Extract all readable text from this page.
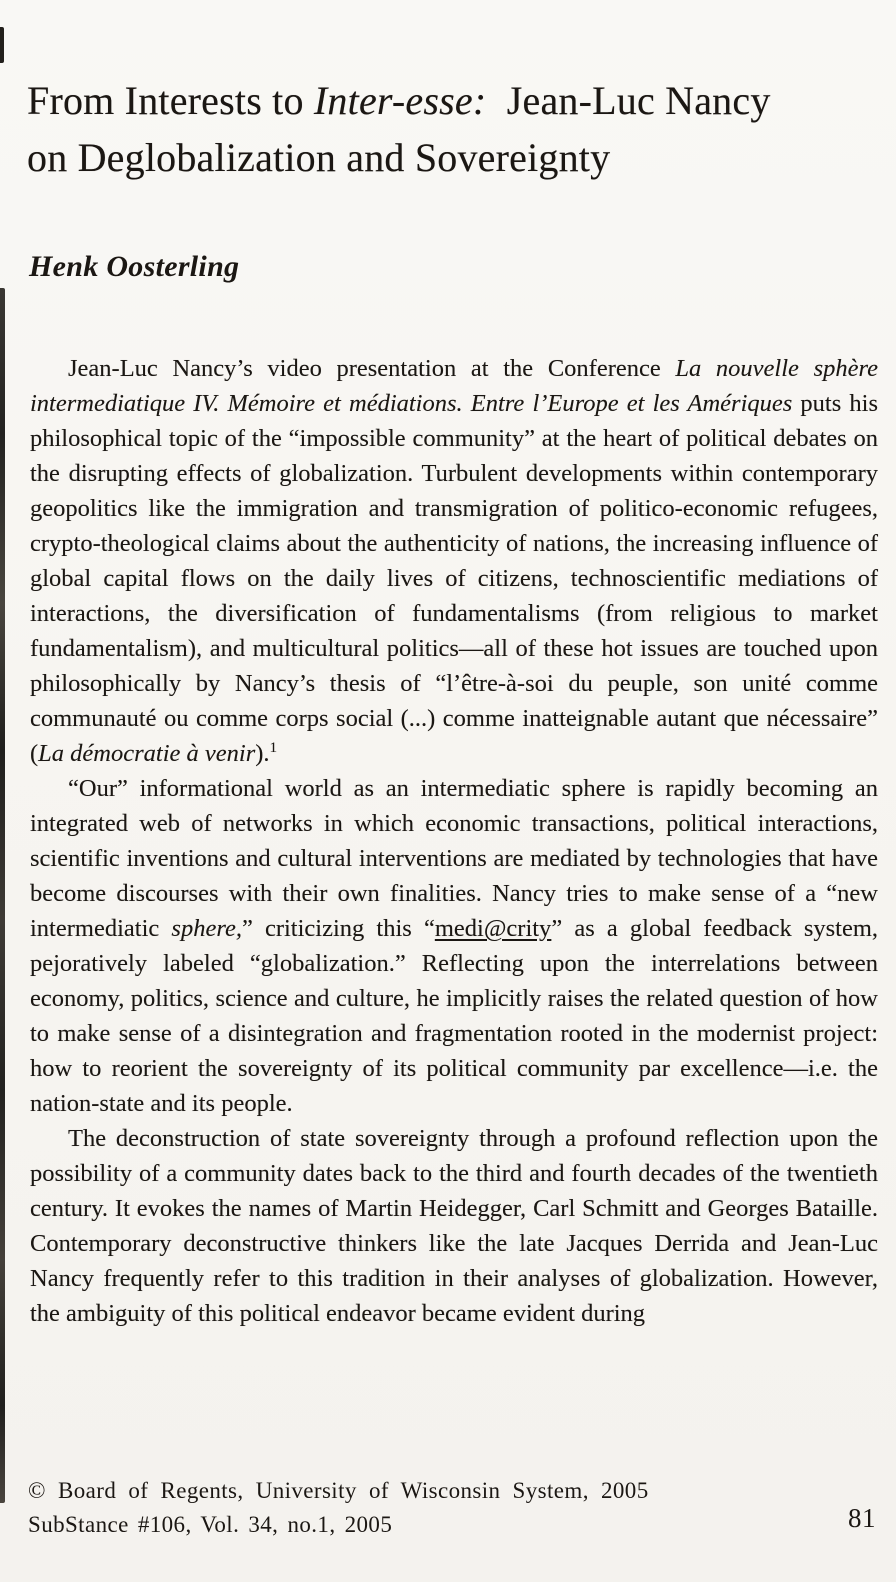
From Interests to Inter-esse:  Jean-Luc Nancy
on Deglobalization and Sovereignty
Henk Oosterling

Jean-Luc Nancy’s video presentation at the Conference La nouvelle sphère intermediatique IV. Mémoire et médiations. Entre l’Europe et les Amériques puts his philosophical topic of the “impossible community” at the heart of political debates on the disrupting effects of globalization. Turbulent developments within contemporary geopolitics like the immigration and transmigration of politico-economic refugees, crypto-theological claims about the authenticity of nations, the increasing influence of global capital flows on the daily lives of citizens, technoscientific mediations of interactions, the diversification of fundamentalisms (from religious to market fundamentalism), and multicultural politics—all of these hot issues are touched upon philosophically by Nancy’s thesis of “l’être-à-soi du peuple, son unité comme communauté ou comme corps social (...) comme inatteignable autant que nécessaire” (La démocratie à venir).$^1$

“Our” informational world as an intermediatic sphere is rapidly becoming an integrated web of networks in which economic transactions, political interactions, scientific inventions and cultural interventions are mediated by technologies that have become discourses with their own finalities. Nancy tries to make sense of a “new intermediatic sphere,” criticizing this “medi@crity” as a global feedback system, pejoratively labeled “globalization.” Reflecting upon the interrelations between economy, politics, science and culture, he implicitly raises the related question of how to make sense of a disintegration and fragmentation rooted in the modernist project: how to reorient the sovereignty of its political community par excellence—i.e. the nation-state and its people.

The deconstruction of state sovereignty through a profound reflection upon the possibility of a community dates back to the third and fourth decades of the twentieth century. It evokes the names of Martin Heidegger, Carl Schmitt and Georges Bataille. Contemporary deconstructive thinkers like the late Jacques Derrida and Jean-Luc Nancy frequently refer to this tradition in their analyses of globalization. However, the ambiguity of this political endeavor became evident during

© Board of Regents, University of Wisconsin System, 2005
SubStance #106, Vol. 34, no.1, 2005	81
